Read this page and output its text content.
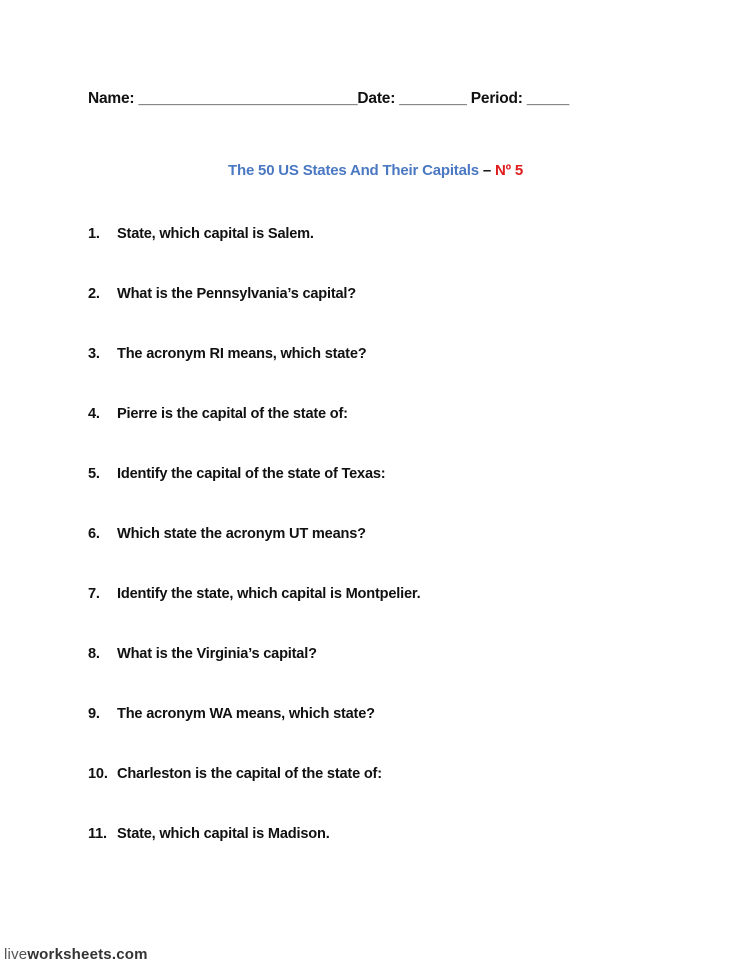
Name: __________________________Date: ________ Period: _____
The 50 US States And Their Capitals – Nº 5
1. State, which capital is Salem.
2. What is the Pennsylvania’s capital?
3. The acronym RI means, which state?
4. Pierre is the capital of the state of:
5. Identify the capital of the state of Texas:
6. Which state the acronym UT means?
7. Identify the state, which capital is Montpelier.
8. What is the Virginia’s capital?
9. The acronym WA means, which state?
10. Charleston is the capital of the state of:
11. State, which capital is Madison.
liveworksheets.com
